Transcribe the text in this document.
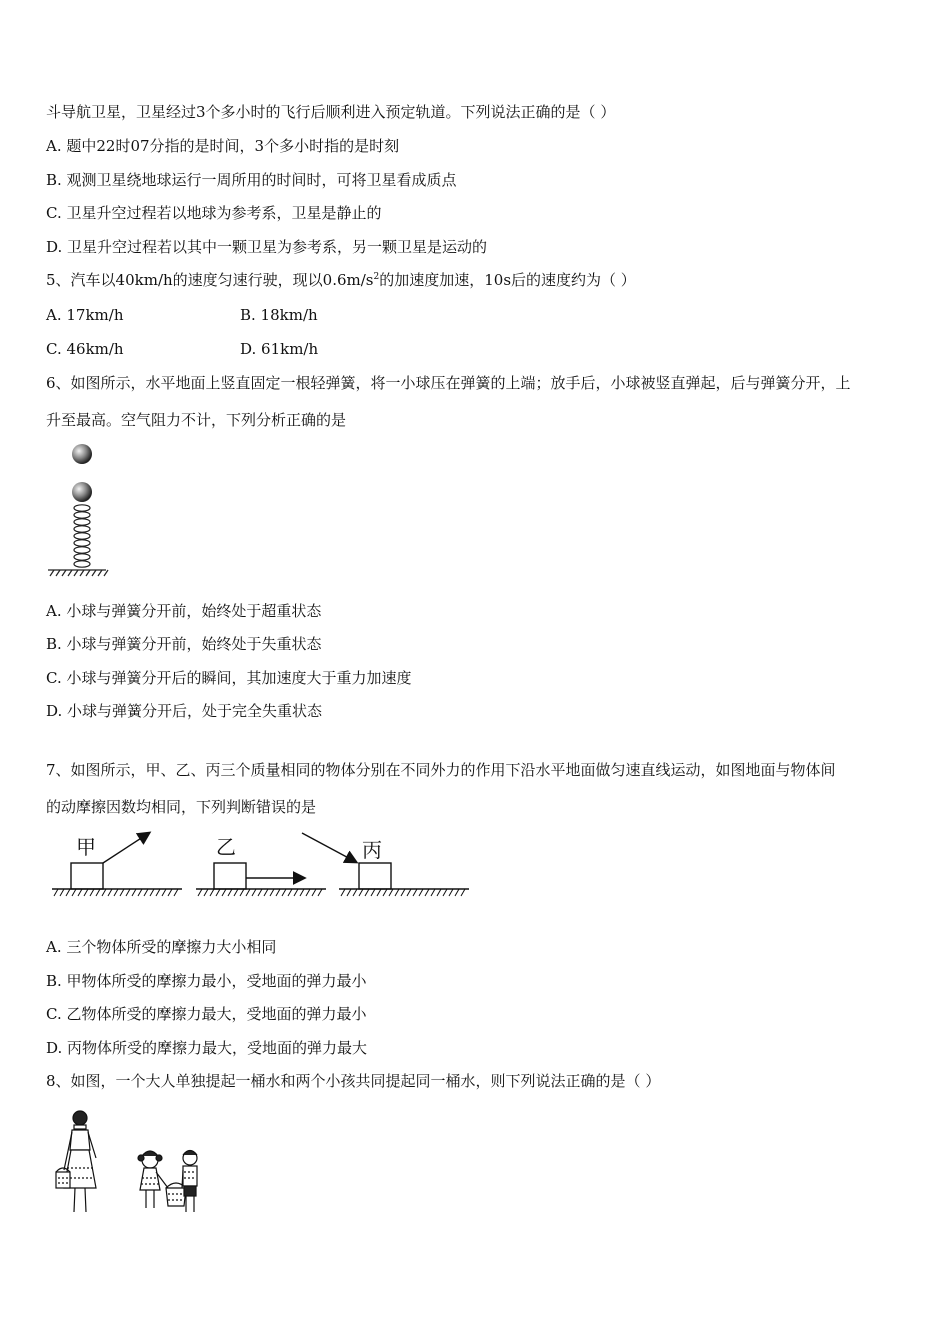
斗导航卫星，卫星经过3个多小时的飞行后顺利进入预定轨道。下列说法正确的是（ ）
A. 题中22时07分指的是时间，3个多小时指的是时刻
B. 观测卫星绕地球运行一周所用的时间时，可将卫星看成质点
C. 卫星升空过程若以地球为参考系，卫星是静止的
D. 卫星升空过程若以其中一颗卫星为参考系，另一颗卫星是运动的
5、汽车以40km/h的速度匀速行驶，现以$0.6m/s^2$的加速度加速，10s后的速度约为（ ）
A. 17km/h	B. 18km/h
C. 46km/h	D. 61km/h
6、如图所示，水平地面上竖直固定一根轻弹簧，将一小球压在弹簧的上端；放手后，小球被竖直弹起，后与弹簧分开，上
升至最高。空气阻力不计，下列分析正确的是
A. 小球与弹簧分开前，始终处于超重状态
B. 小球与弹簧分开前，始终处于失重状态
C. 小球与弹簧分开后的瞬间，其加速度大于重力加速度
D. 小球与弹簧分开后，处于完全失重状态
7、如图所示，甲、乙、丙三个质量相同的物体分别在不同外力的作用下沿水平地面做匀速直线运动，如图地面与物体间
的动摩擦因数均相同，下列判断错误的是
甲	乙	丙
A. 三个物体所受的摩擦力大小相同
B. 甲物体所受的摩擦力最小，受地面的弹力最小
C. 乙物体所受的摩擦力最大，受地面的弹力最小
D. 丙物体所受的摩擦力最大，受地面的弹力最大
8、如图，一个大人单独提起一桶水和两个小孩共同提起同一桶水，则下列说法正确的是（ ）
